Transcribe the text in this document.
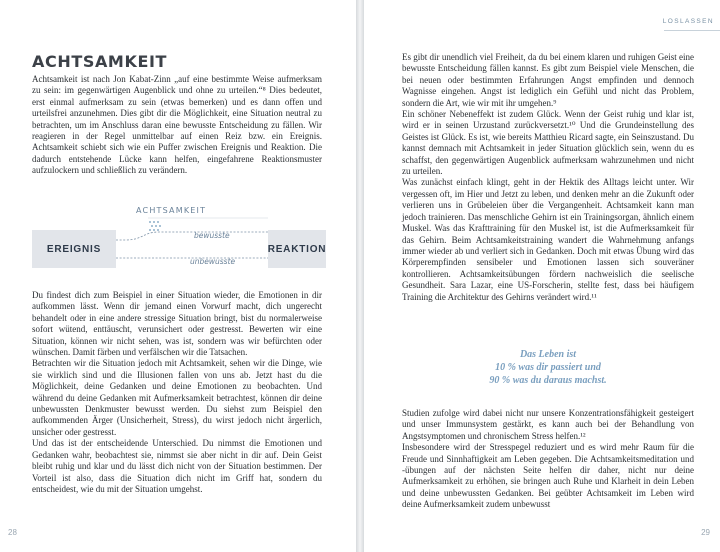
ACHTSAMKEIT

Achtsamkeit ist nach Jon Kabat-Zinn „auf eine bestimmte Weise aufmerksam zu sein: im gegenwärtigen Augenblick und ohne zu urteilen.“⁸ Dies bedeutet, erst einmal aufmerksam zu sein (etwas bemerken) und es dann offen und urteilsfrei anzunehmen. Dies gibt dir die Möglichkeit, eine Situation neutral zu betrachten, um im Anschluss daran eine bewusste Entscheidung zu fällen. Wir reagieren in der Regel unmittelbar auf einen Reiz bzw. ein Ereignis. Achtsamkeit schiebt sich wie ein Puffer zwischen Ereignis und Reaktion. Die dadurch entstehende Lücke kann helfen, eingefahrene Reaktionsmuster aufzulockern und schließlich zu verändern.

ACHTSAMKEIT
EREIGNIS
bewusste
unbewusste
REAKTION

Du findest dich zum Beispiel in einer Situation wieder, die Emotionen in dir aufkommen lässt. Wenn dir jemand einen Vorwurf macht, dich ungerecht behandelt oder in eine andere stressige Situation bringt, bist du normalerweise sofort wütend, enttäuscht, verunsichert oder gestresst. Bewerten wir eine Situation, können wir nicht sehen, was ist, sondern was wir befürchten oder wünschen. Damit färben und verfälschen wir die Tatsachen.

Betrachten wir die Situation jedoch mit Achtsamkeit, sehen wir die Dinge, wie sie wirklich sind und die Illusionen fallen von uns ab. Jetzt hast du die Möglichkeit, deine Gedanken und deine Emotionen zu beobachten. Und während du deine Gedanken mit Aufmerksamkeit betrachtest, können dir deine unbewussten Denkmuster bewusst werden. Du siehst zum Beispiel den aufkommenden Ärger (Unsicherheit, Stress), du wirst jedoch nicht ärgerlich, unsicher oder gestresst.

Und das ist der entscheidende Unterschied. Du nimmst die Emotionen und Gedanken wahr, beobachtest sie, nimmst sie aber nicht in dir auf. Dein Geist bleibt ruhig und klar und du lässt dich nicht von der Situation bestimmen. Der Vorteil ist also, dass die Situation dich nicht im Griff hat, sondern du entscheidest, wie du mit der Situation umgehst.

28
LOSLASSEN

Es gibt dir unendlich viel Freiheit, da du bei einem klaren und ruhigen Geist eine bewusste Entscheidung fällen kannst. Es gibt zum Beispiel viele Menschen, die bei neuen oder bestimmten Erfahrungen Angst empfinden und dennoch Wagnisse eingehen. Angst ist lediglich ein Gefühl und nicht das Problem, sondern die Art, wie wir mit ihr umgehen.⁹

Ein schöner Nebeneffekt ist zudem Glück. Wenn der Geist ruhig und klar ist, wird er in seinen Urzustand zurückversetzt.¹⁰ Und die Grundeinstellung des Geistes ist Glück. Es ist, wie bereits Matthieu Ricard sagte, ein Seinszustand. Du kannst demnach mit Achtsamkeit in jeder Situation glücklich sein, wenn du es schaffst, den gegenwärtigen Augenblick aufmerksam wahrzunehmen und nicht zu urteilen.

Was zunächst einfach klingt, geht in der Hektik des Alltags leicht unter. Wir vergessen oft, im Hier und Jetzt zu leben, und denken mehr an die Zukunft oder verlieren uns in Grübeleien über die Vergangenheit. Achtsamkeit kann man jedoch trainieren. Das menschliche Gehirn ist ein Trainingsorgan, ähnlich einem Muskel. Was das Krafttraining für den Muskel ist, ist die Aufmerksamkeit für das Gehirn. Beim Achtsamkeitstraining wandert die Wahrnehmung anfangs immer wieder ab und verliert sich in Gedanken. Doch mit etwas Übung wird das Körperempfinden sensibeler und Emotionen lassen sich souveräner kontrollieren. Achtsamkeitsübungen fördern nachweislich die seelische Gesundheit. Sara Lazar, eine US-Forscherin, stellte fest, dass bei häufigem Training die Architektur des Gehirns verändert wird.¹¹

Das Leben ist
10 % was dir passiert und
90 % was du daraus machst.

Studien zufolge wird dabei nicht nur unsere Konzentrationsfähigkeit gesteigert und unser Immunsystem gestärkt, es kann auch bei der Behandlung von Angstsymptomen und chronischem Stress helfen.¹²

Insbesondere wird der Stresspegel reduziert und es wird mehr Raum für die Freude und Sinnhaftigkeit am Leben gegeben. Die Achtsamkeitsmeditation und -übungen auf der nächsten Seite helfen dir daher, nicht nur deine Aufmerksamkeit zu erhöhen, sie bringen auch Ruhe und Klarheit in dein Leben und deine unbewussten Gedanken. Bei geübter Achtsamkeit im Leben wird deine Aufmerksamkeit zudem unbewusst

29
